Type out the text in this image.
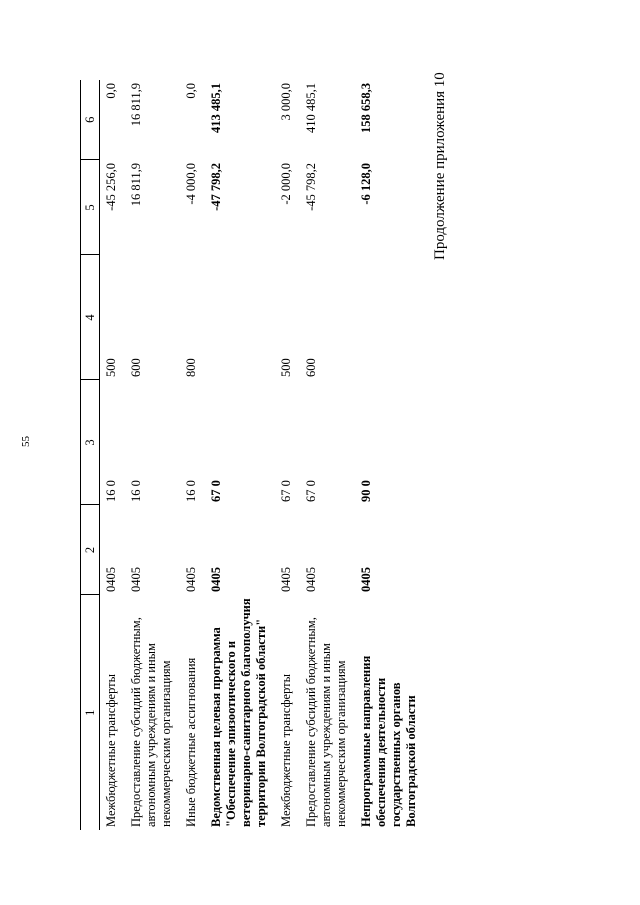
55
Продолжение приложения 10
1	2	3	4	5	6
Межбюджетные трансферты	0405	16 0	500	-45 256,0	0,0
Предоставление субсидий бюджетным, автономным учреждениям и иным некоммерческим организациям	0405	16 0	600	16 811,9	16 811,9
Иные бюджетные ассигнования	0405	16 0	800	-4 000,0	0,0
Ведомственная целевая программа "Обеспечение эпизоотического и ветеринарно-санитарного благополучия территории Волгоградской области"	0405	67 0		-47 798,2	413 485,1
Межбюджетные трансферты	0405	67 0	500	-2 000,0	3 000,0
Предоставление субсидий бюджетным, автономным учреждениям и иным некоммерческим организациям	0405	67 0	600	-45 798,2	410 485,1
Непрограммные направления обеспечения деятельности государственных органов Волгоградской области	0405	90 0		-6 128,0	158 658,3
